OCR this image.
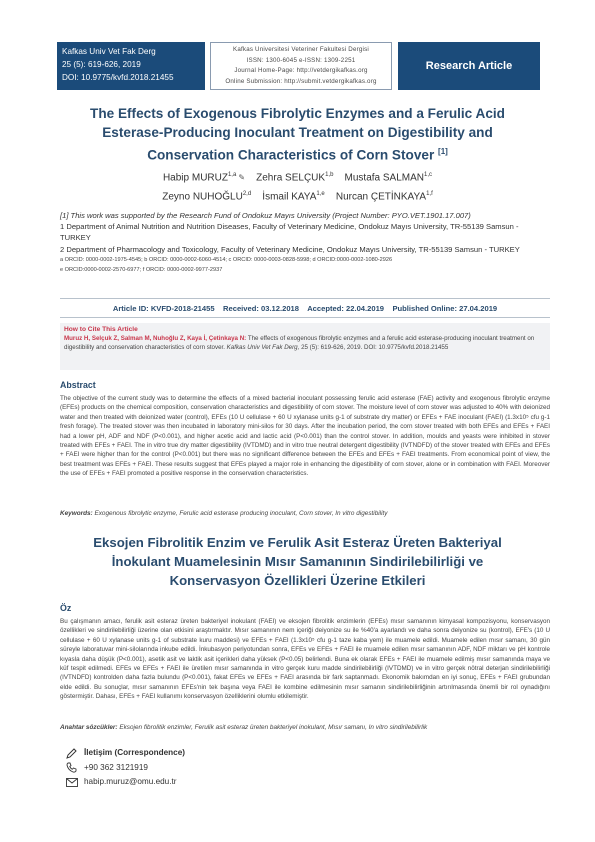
Kafkas Univ Vet Fak Derg
25 (5): 619-626, 2019
DOI: 10.9775/kvfd.2018.21455
Kafkas Universitesi Veteriner Fakultesi Dergisi
ISSN: 1300-6045 e-ISSN: 1309-2251
Journal Home-Page: http://vetdergikafkas.org
Online Submission: http://submit.vetdergikafkas.org
Research Article
The Effects of Exogenous Fibrolytic Enzymes and a Ferulic Acid
Esterase-Producing Inoculant Treatment on Digestibility and
Conservation Characteristics of Corn Stover [1]
Habip MURUZ$^{1,a}$ ✎ Zehra SELÇUK$^{1,b}$ Mustafa SALMAN$^{1,c}$
Zeyno NUHOĞLU$^{2,d}$ İsmail KAYA$^{1,e}$ Nurcan ÇETİNKAYA$^{1,f}$
[1] This work was supported by the Research Fund of Ondokuz Mayıs University (Project Number: PYO.VET.1901.17.007)
1 Department of Animal Nutrition and Nutrition Diseases, Faculty of Veterinary Medicine, Ondokuz Mayıs University, TR-55139 Samsun - TURKEY
2 Department of Pharmacology and Toxicology, Faculty of Veterinary Medicine, Ondokuz Mayıs University, TR-55139 Samsun - TURKEY
a ORCID: 0000-0002-1975-4545; b ORCID: 0000-0002-6060-4514; c ORCID: 0000-0003-0828-5998; d ORCID:0000-0002-1080-2926
e ORCID:0000-0002-2570-6977; f ORCID: 0000-0002-9977-2937
Article ID: KVFD-2018-21455 Received: 03.12.2018 Accepted: 22.04.2019 Published Online: 27.04.2019
How to Cite This Article
Muruz H, Selçuk Z, Salman M, Nuhoğlu Z, Kaya İ, Çetinkaya N: The effects of exogenous fibrolytic enzymes and a ferulic acid esterase-producing inoculant treatment on digestibility and conservation characteristics of corn stover. Kafkas Univ Vet Fak Derg, 25 (5): 619-626, 2019. DOI: 10.9775/kvfd.2018.21455
Abstract
The objective of the current study was to determine the effects of a mixed bacterial inoculant possessing ferulic acid esterase (FAE) activity and exogenous fibrolytic enzyme (EFEs) products on the chemical composition, conservation characteristics and digestibility of corn stover. The moisture level of corn stover was adjusted to 40% with deionized water and then treated with deionized water (control), EFEs (10 U cellulase + 60 U xylanase units g-1 of substrate dry matter) or EFEs + FAE inoculant (FAEI) (1.3x10⁵ cfu g-1 fresh forage). The treated stover was then incubated in laboratory mini-silos for 30 days. After the incubation period, the corn stover treated with both EFEs and EFEs + FAEI had a lower pH, ADF and NDF (P<0.001), and higher acetic acid and lactic acid (P<0.001) than the control stover. In addition, moulds and yeasts were inhibited in stover treated with EFEs + FAEI. The in vitro true dry matter digestibility (IVTDMD) and in vitro true neutral detergent digestibility (IVTNDFD) of the stover treated with EFEs and EFEs + FAEI were higher than for the control (P<0.001) but there was no significant difference between the EFEs and EFEs + FAEI treatments. From economical point of view, the best treatment was EFEs + FAEI. These results suggest that EFEs played a major role in enhancing the digestibility of corn stover, alone or in combination with FAEI. Moreover the use of EFEs + FAEI promoted a positive response in the conservation characteristics.
Keywords: Exogenous fibrolytic enzyme, Ferulic acid esterase producing inoculant, Corn stover, In vitro digestibility
Eksojen Fibrolitik Enzim ve Ferulik Asit Esteraz Üreten Bakteriyal
İnokulant Muamelesinin Mısır Samanının Sindirilebilirliği ve
Konservasyon Özellikleri Üzerine Etkileri
Öz
Bu çalışmanın amacı, ferulik asit esteraz üreten bakteriyel inokulant (FAEI) ve eksojen fibrolitik enzimlerin (EFEs) mısır samanının kimyasal kompozisyonu, konservasyon özellikleri ve sindirilebilirliği üzerine olan etkisini araştırmaktır. Mısır samanının nem içeriği deiyonize su ile %40'a ayarlandı ve daha sonra deiyonize su (kontrol), EFE's (10 U cellulase + 60 U xylanase units g-1 of substrate kuru maddesi) ve EFEs + FAEI (1.3x10⁵ cfu g-1 taze kaba yem) ile muamele edildi. Muamele edilen mısır samanı, 30 gün süreyle laboratuvar mini-silolarında inkube edildi. İnkubasyon periyotundan sonra, EFEs ve EFEs + FAEI ile muamele edilen mısır samanının ADF, NDF miktarı ve pH kontrole kıyasla daha düşük (P<0.001), asetik asit ve laktik asit içerikleri daha yüksek (P<0.05) belirlendi. Buna ek olarak EFEs + FAEI ile muamele edilmiş mısır samanında maya ve küf tespit edilmedi. EFEs ve EFEs + FAEI ile üretilen mısır samanında in vitro gerçek kuru madde sindirilebilirliği (IVTDMD) ve in vitro gerçek nötral deterjan sindirilebilirliği (IVTNDFD) kontrolden daha fazla bulundu (P<0.001), fakat EFEs ve EFEs + FAEI arasında bir fark saptanmadı. Ekonomik bakımdan en iyi sonuç, EFEs + FAEI grubundan elde edildi. Bu sonuçlar, mısır samanının EFEs'nin tek başına veya FAEI ile kombine edilmesinin mısır samanın sindirilebilirliğinin artırılmasında önemli bir rol oynadığını göstermiştir. Dahası, EFEs + FAEI kullanımı konservasyon özelliklerini olumlu etkilemiştir.
Anahtar sözcükler: Eksojen fibrolitik enzimler, Ferulik asit esteraz üreten bakteriyel inokulant, Mısır samanı, In vitro sindirilebilirlik
İletişim (Correspondence)
+90 362 3121919
habip.muruz@omu.edu.tr
